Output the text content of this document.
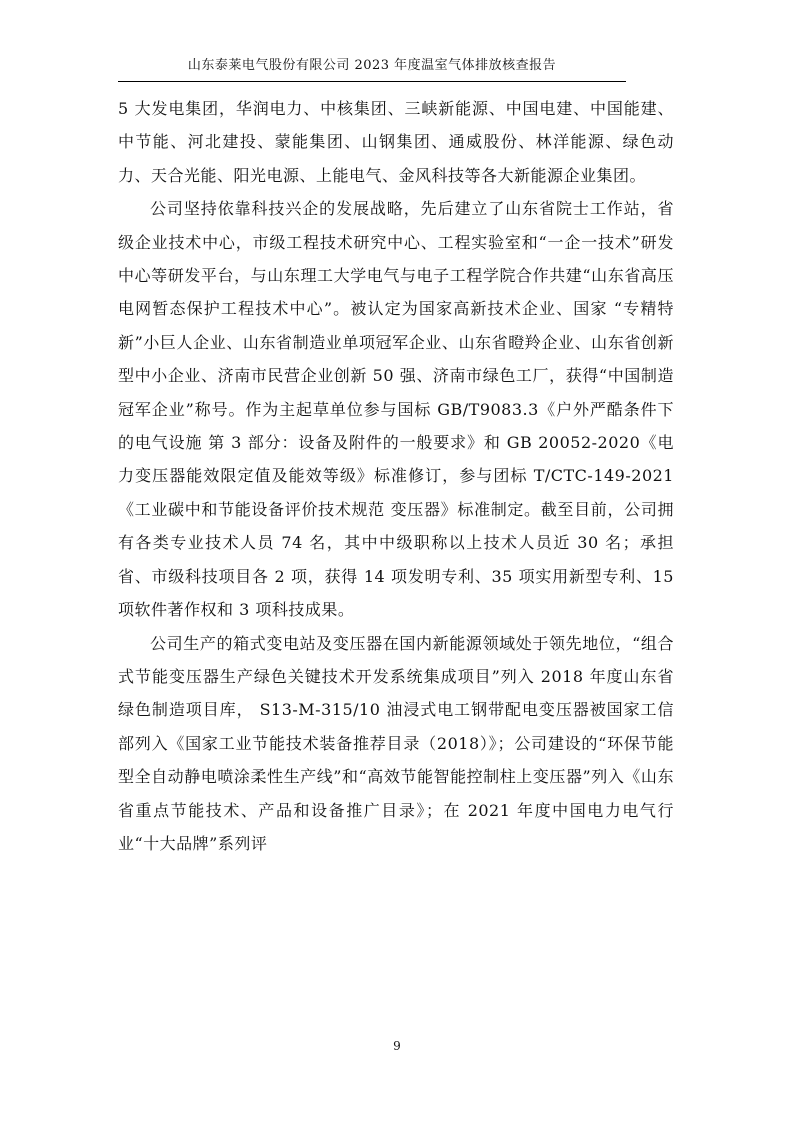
山东泰莱电气股份有限公司 2023 年度温室气体排放核查报告

5 大发电集团，华润电力、中核集团、三峡新能源、中国电建、中国能建、中节能、河北建投、蒙能集团、山钢集团、通威股份、林洋能源、绿色动力、天合光能、阳光电源、上能电气、金风科技等各大新能源企业集团。

公司坚持依靠科技兴企的发展战略，先后建立了山东省院士工作站，省级企业技术中心，市级工程技术研究中心、工程实验室和“一企一技术”研发中心等研发平台，与山东理工大学电气与电子工程学院合作共建“山东省高压电网暂态保护工程技术中心”。被认定为国家高新技术企业、国家 “专精特新”小巨人企业、山东省制造业单项冠军企业、山东省瞪羚企业、山东省创新型中小企业、济南市民营企业创新 50 强、济南市绿色工厂，获得“中国制造冠军企业”称号。作为主起草单位参与国标 GB/T9083.3《户外严酷条件下的电气设施 第 3 部分：设备及附件的一般要求》和 GB 20052-2020《电力变压器能效限定值及能效等级》标准修订，参与团标 T/CTC-149-2021《工业碳中和节能设备评价技术规范 变压器》标准制定。截至目前，公司拥有各类专业技术人员 74 名，其中中级职称以上技术人员近 30 名；承担省、市级科技项目各 2 项，获得 14 项发明专利、35 项实用新型专利、15 项软件著作权和 3 项科技成果。

公司生产的箱式变电站及变压器在国内新能源领域处于领先地位，“组合式节能变压器生产绿色关键技术开发系统集成项目”列入 2018 年度山东省绿色制造项目库， S13-M-315/10 油浸式电工钢带配电变压器被国家工信部列入《国家工业节能技术装备推荐目录（2018）》；公司建设的“环保节能型全自动静电喷涂柔性生产线”和“高效节能智能控制柱上变压器”列入《山东省重点节能技术、产品和设备推广目录》；在 2021 年度中国电力电气行业“十大品牌”系列评

9
